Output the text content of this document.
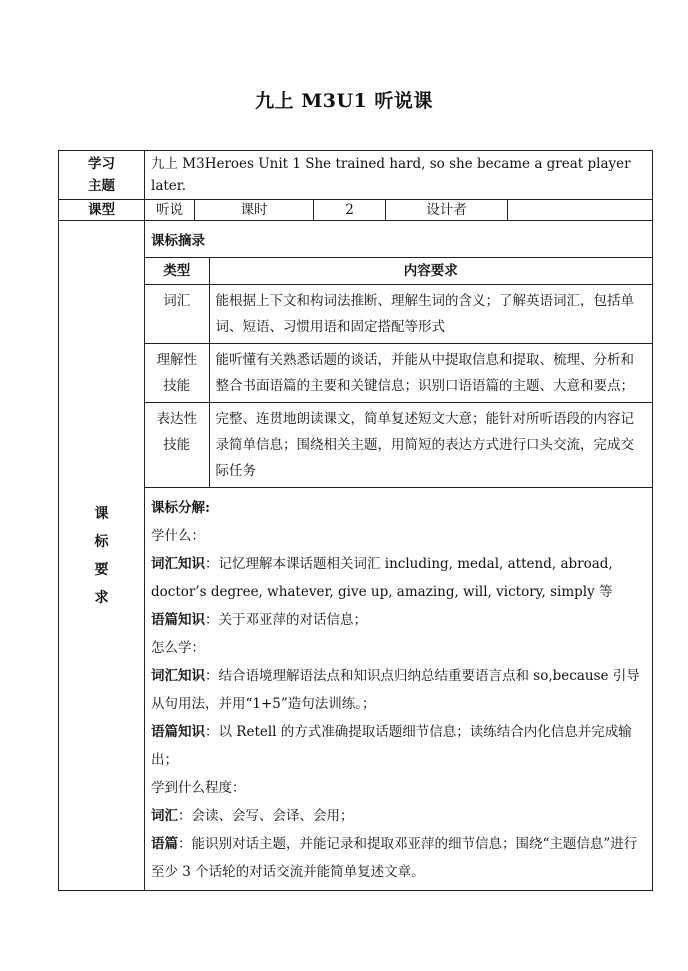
九上 M3U1 听说课
学习
主题
	九上 M3Heroes Unit 1 She trained hard, so she became a great player later.
课型	听说	课时	2	设计者	

课
标
要
求

课标摘录
类型	内容要求
词汇	能根据上下文和构词法推断、理解生词的含义；了解英语词汇，包括单词、短语、习惯用语和固定搭配等形式

理解性
技能
	能听懂有关熟悉话题的谈话，并能从中提取信息和提取、梳理、分析和整合书面语篇的主要和关键信息；识别口语语篇的主题、大意和要点；

表达性
技能
	完整、连贯地朗读课文，简单复述短文大意；能针对所听语段的内容记录简单信息；围绕相关主题，用简短的表达方式进行口头交流，完成交际任务

课标分解:

学什么：

词汇知识：记忆理解本课话题相关词汇 including, medal, attend, abroad, doctor’s degree, whatever, give up, amazing, will, victory, simply 等

语篇知识：关于邓亚萍的对话信息；

怎么学：

词汇知识：结合语境理解语法点和知识点归纳总结重要语言点和 so,because 引导从句用法，并用“1+5”造句法训练。；

语篇知识：以 Retell 的方式准确提取话题细节信息；读练结合内化信息并完成输出；

学到什么程度：

词汇：会读、会写、会译、会用；

语篇：能识别对话主题，并能记录和提取邓亚萍的细节信息；围绕“主题信息”进行至少 3 个话轮的对话交流并能简单复述文章。
